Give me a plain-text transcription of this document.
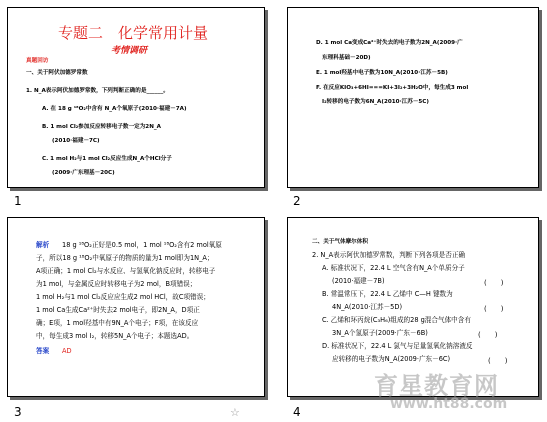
专题二　化学常用计量
考情调研
真题回访
一、关于阿伏加德罗常数
1. N_A表示阿伏加德罗常数，下列判断正确的是______。
A. 在 18 g ¹⁸O₂中含有 N_A个氧原子(2010·福建－7A)
B. 1 mol Cl₂参加反应转移电子数一定为2N_A
(2010·福建－7C)
C. 1 mol H₂与1 mol Cl₂反应生成N_A个HCl分子
(2009·广东理基－20C)
1
D. 1 mol Ca变成Ca²⁺时失去的电子数为2N_A(2009·广
东理科基础－20D)
E. 1 mol羟基中电子数为10N_A(2010·江苏－5B)
F. 在反应KIO₃+6HI===KI+3I₂+3H₂O中，每生成3 mol
I₂转移的电子数为6N_A(2010·江苏－5C)
2
解析 18 g ¹⁸O₂正好是0.5 mol，1 mol ¹⁸O₂含有2 mol氧原
子，所以18 g ¹⁸O₂中氧原子的物质的量为1 mol即为1N_A；
A项正确；1 mol Cl₂与水反应、与氢氧化钠反应时，转移电子
为1 mol，与金属反应时转移电子为2 mol，B项错误；
1 mol H₂与1 mol Cl₂反应应生成2 mol HCl，故C项错误；
1 mol Ca生成Ca²⁺时失去2 mol电子，即2N_A，D项正
确；E项，1 mol羟基中有9N_A个电子；F项，在该反应
中，每生成3 mol I₂，转移5N_A个电子；本题选AD。
答案 AD
3	☆
二、关于气体摩尔体积
2. N_A表示阿伏加德罗常数，判断下列各项是否正确
A. 标准状况下，22.4 L 空气含有N_A个单质分子
(2010·福建－7B)
B. 常温常压下，22.4 L 乙烯中 C—H 键数为
4N_A(2010·江苏－5D)
C. 乙烯和环丙烷(C₃H₆)组成的28 g混合气体中含有
3N_A个氢原子(2009·广东－6B)
D. 标准状况下，22.4 L 氯气与足量氢氧化钠溶液反
应转移的电子数为N_A(2009·广东－6C)
(　　)
(　　)
(　　)
(　　)
4
育星教育网
www.ht88.com
